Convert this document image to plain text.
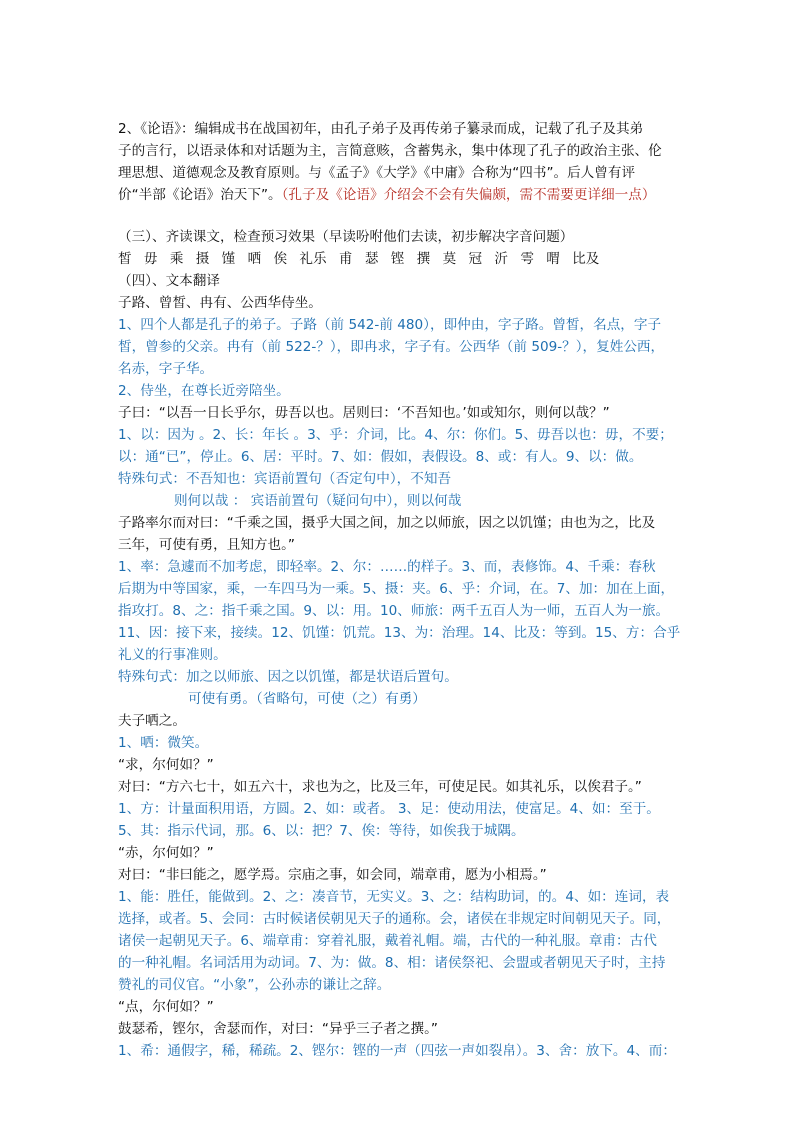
2、《论语》：编辑成书在战国初年，由孔子弟子及再传弟子纂录而成，记载了孔子及其弟

子的言行，以语录体和对话题为主，言简意赅，含蓄隽永，集中体现了孔子的政治主张、伦

理思想、道德观念及教育原则。与《孟子》《大学》《中庸》合称为“四书”。后人曾有评

价“半部《论语》治天下”。（孔子及《论语》介绍会不会有失偏颇，需不需要更详细一点）

（三）、齐读课文，检查预习效果（早读吩咐他们去读，初步解决字音问题）

皙 毋 乘 摄 馑 哂 俟 礼乐 甫 瑟 铿 撰 莫 冠 沂 雩 喟 比及

（四）、文本翻译

子路、曾皙、冉有、公西华侍坐。

1、四个人都是孔子的弟子。子路（前 542-前 480），即仲由，字子路。曾皙，名点，字子

皙，曾参的父亲。冉有（前 522-？），即冉求，字子有。公西华（前 509-？），复姓公西，

名赤，字子华。

2、侍坐，在尊长近旁陪坐。

子曰：“以吾一日长乎尔，毋吾以也。居则曰：‘不吾知也。’如或知尔，则何以哉？”

1、以：因为 。2、长：年长 。3、乎：介词，比。4、尔：你们。5、毋吾以也：毋，不要；

以：通“已”，停止。6、居：平时。7、如：假如，表假设。8、或：有人。9、以：做。

特殊句式：不吾知也：宾语前置句（否定句中），不知吾

则何以哉 ： 宾语前置句（疑问句中），则以何哉

子路率尔而对曰：“千乘之国，摄乎大国之间，加之以师旅，因之以饥馑；由也为之，比及

三年，可使有勇，且知方也。”

1、率：急遽而不加考虑，即轻率。2、尔：……的样子。3、而，表修饰。4、千乘：春秋

后期为中等国家，乘，一车四马为一乘。5、摄：夹。6、乎：介词，在。7、加：加在上面，

指攻打。8、之：指千乘之国。9、以：用。10、师旅：两千五百人为一师，五百人为一旅。

11、因：接下来，接续。12、饥馑：饥荒。13、为：治理。14、比及：等到。15、方：合乎

礼义的行事准则。

特殊句式：加之以师旅、因之以饥馑，都是状语后置句。

可使有勇。（省略句，可使（之）有勇）

夫子哂之。

1、哂：微笑。

“求，尔何如？”

对曰：“方六七十，如五六十，求也为之，比及三年，可使足民。如其礼乐，以俟君子。”

1、方：计量面积用语，方圆。2、如：或者。 3、足：使动用法，使富足。4、如：至于。

5、其：指示代词，那。6、以：把？7、俟：等待，如俟我于城隅。

“赤，尔何如？”

对曰：“非曰能之，愿学焉。宗庙之事，如会同，端章甫，愿为小相焉。”

1、能：胜任，能做到。2、之：凑音节，无实义。3、之：结构助词，的。4、如：连词，表

选择，或者。5、会同：古时候诸侯朝见天子的通称。会，诸侯在非规定时间朝见天子。同，

诸侯一起朝见天子。6、端章甫：穿着礼服，戴着礼帽。端，古代的一种礼服。章甫：古代

的一种礼帽。名词活用为动词。7、为：做。8、相：诸侯祭祀、会盟或者朝见天子时，主持

赞礼的司仪官。“小象”，公孙赤的谦让之辞。

“点，尔何如？”

鼓瑟希，铿尔，舍瑟而作，对曰：“异乎三子者之撰。”

1、希：通假字，稀，稀疏。2、铿尔：铿的一声（四弦一声如裂帛）。3、舍：放下。4、而：
